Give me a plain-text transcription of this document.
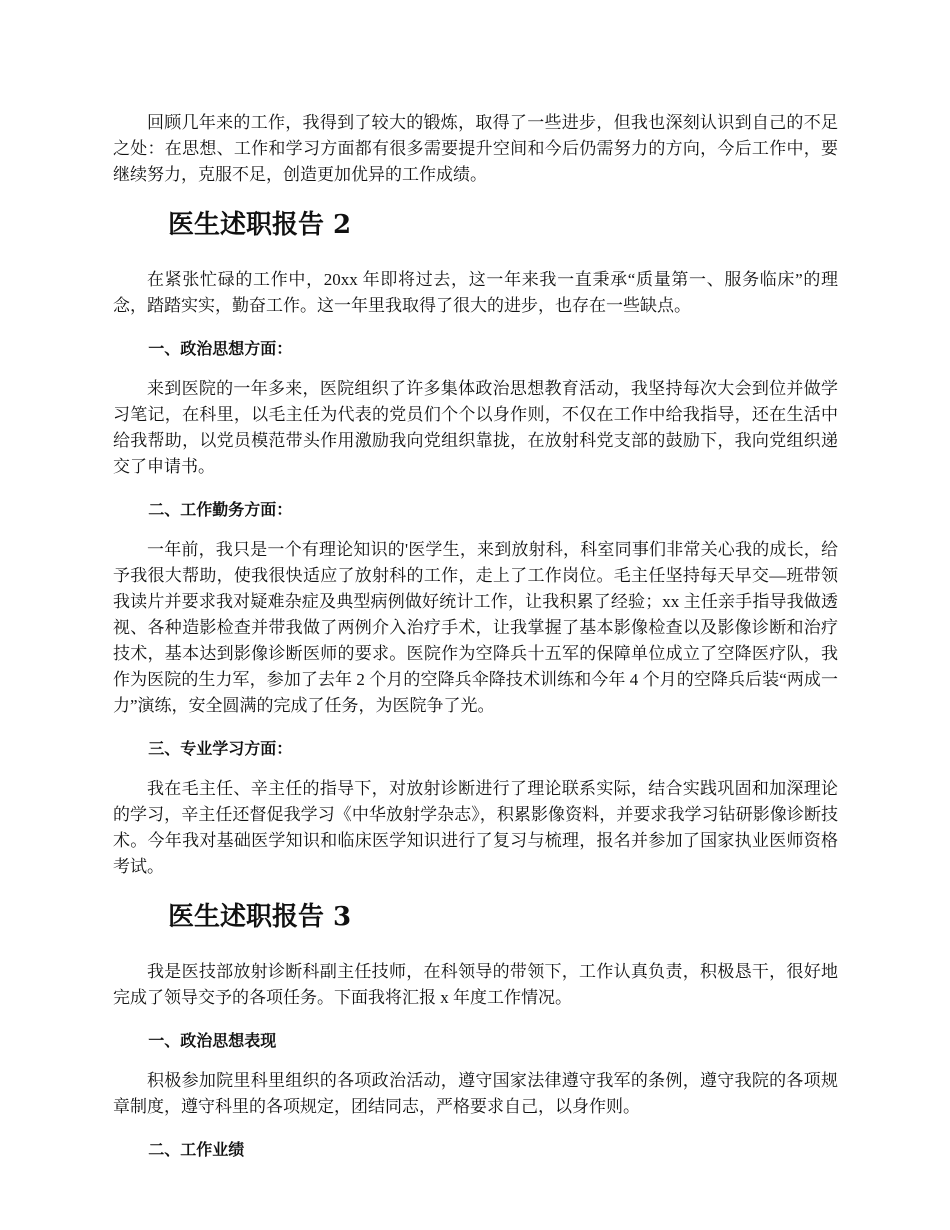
回顾几年来的工作，我得到了较大的锻炼，取得了一些进步，但我也深刻认识到自己的不足之处：在思想、工作和学习方面都有很多需要提升空间和今后仍需努力的方向，今后工作中，要继续努力，克服不足，创造更加优异的工作成绩。

医生述职报告 2

在紧张忙碌的工作中，20xx 年即将过去，这一年来我一直秉承“质量第一、服务临床”的理念，踏踏实实，勤奋工作。这一年里我取得了很大的进步，也存在一些缺点。

一、政治思想方面：

来到医院的一年多来，医院组织了许多集体政治思想教育活动，我坚持每次大会到位并做学习笔记，在科里，以毛主任为代表的党员们个个以身作则，不仅在工作中给我指导，还在生活中给我帮助，以党员模范带头作用激励我向党组织靠拢，在放射科党支部的鼓励下，我向党组织递交了申请书。

二、工作勤务方面：

一年前，我只是一个有理论知识的'医学生，来到放射科，科室同事们非常关心我的成长，给予我很大帮助，使我很快适应了放射科的工作，走上了工作岗位。毛主任坚持每天早交—班带领我读片并要求我对疑难杂症及典型病例做好统计工作，让我积累了经验；xx 主任亲手指导我做透视、各种造影检查并带我做了两例介入治疗手术，让我掌握了基本影像检查以及影像诊断和治疗技术，基本达到影像诊断医师的要求。医院作为空降兵十五军的保障单位成立了空降医疗队，我作为医院的生力军，参加了去年 2 个月的空降兵伞降技术训练和今年 4 个月的空降兵后装“两成一力”演练，安全圆满的完成了任务，为医院争了光。

三、专业学习方面：

我在毛主任、辛主任的指导下，对放射诊断进行了理论联系实际，结合实践巩固和加深理论的学习，辛主任还督促我学习《中华放射学杂志》，积累影像资料，并要求我学习钻研影像诊断技术。今年我对基础医学知识和临床医学知识进行了复习与梳理，报名并参加了国家执业医师资格考试。

医生述职报告 3

我是医技部放射诊断科副主任技师，在科领导的带领下，工作认真负责，积极恳干，很好地完成了领导交予的各项任务。下面我将汇报 x 年度工作情况。

一、政治思想表现

积极参加院里科里组织的各项政治活动，遵守国家法律遵守我军的条例，遵守我院的各项规章制度，遵守科里的各项规定，团结同志，严格要求自己，以身作则。

二、工作业绩
